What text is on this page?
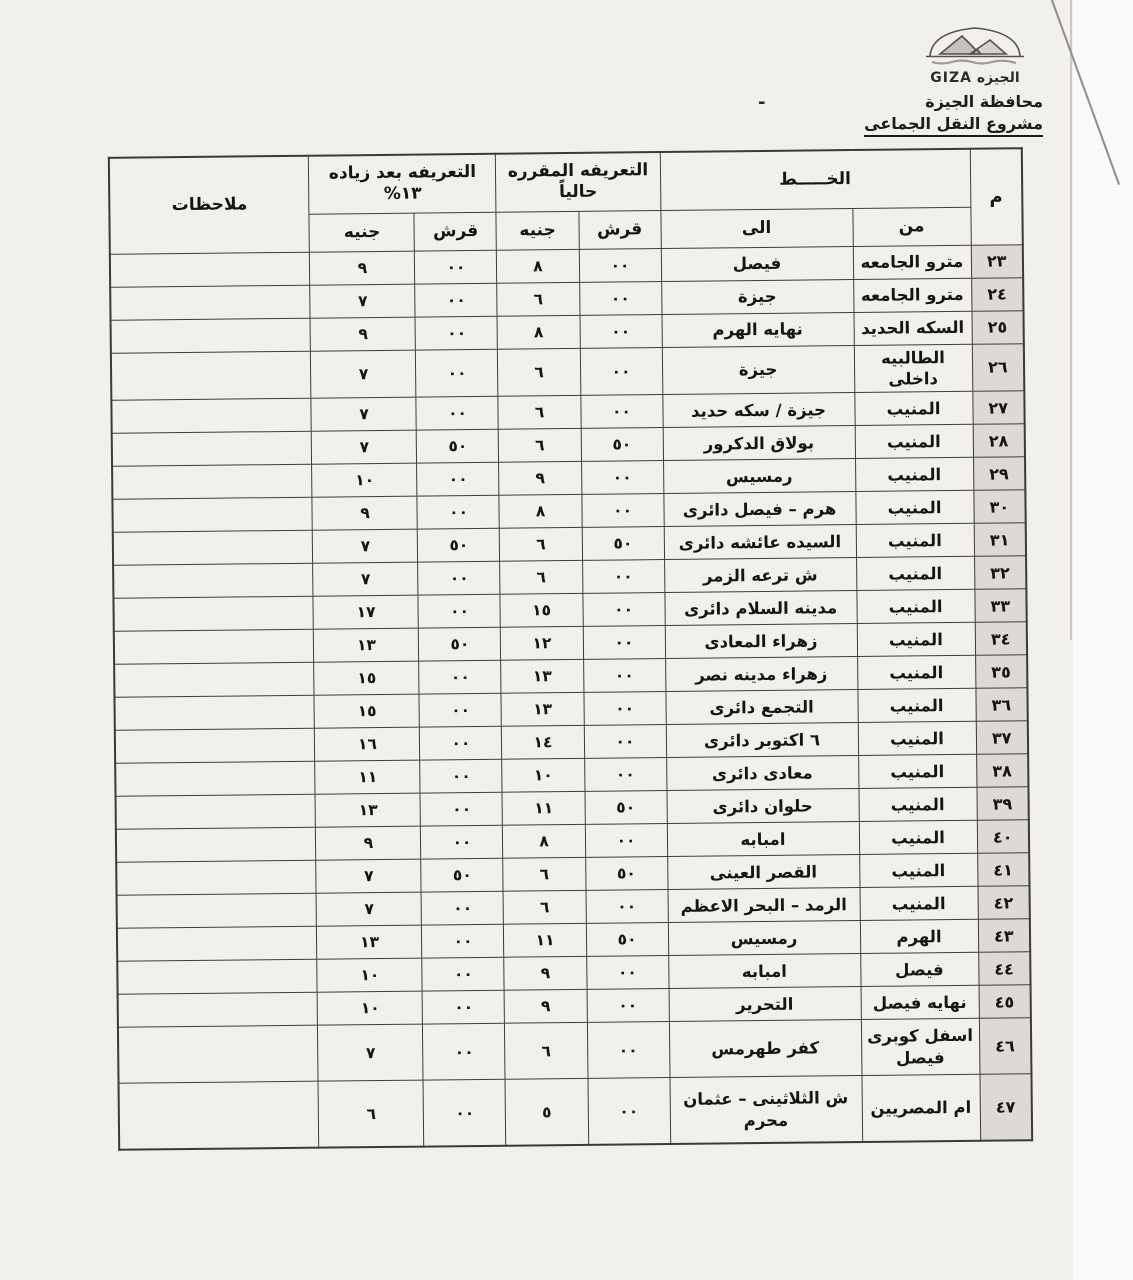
الجيزه GIZA
محافظة الجيزة
مشروع النقل الجماعى
-
م	الخـــــط		التعريفه المقرره
حالياً		التعريفه بعد زياده
١٣%		ملاحظات
	من	الى	قرش	جنيه	قرش	جنيه	
٢٣	مترو الجامعه	فيصل	٠٠	٨	٠٠	٩	
٢٤	مترو الجامعه	جيزة	٠٠	٦	٠٠	٧	
٢٥	السكه الحديد	نهايه الهرم	٠٠	٨	٠٠	٩	
٢٦	الطالبيه داخلى	جيزة	٠٠	٦	٠٠	٧	
٢٧	المنيب	جيزة / سكه حديد	٠٠	٦	٠٠	٧	
٢٨	المنيب	بولاق الدكرور	٥٠	٦	٥٠	٧	
٢٩	المنيب	رمسيس	٠٠	٩	٠٠	١٠	
٣٠	المنيب	هرم – فيصل دائرى	٠٠	٨	٠٠	٩	
٣١	المنيب	السيده عائشه دائرى	٥٠	٦	٥٠	٧	
٣٢	المنيب	ش ترعه الزمر	٠٠	٦	٠٠	٧	
٣٣	المنيب	مدينه السلام دائرى	٠٠	١٥	٠٠	١٧	
٣٤	المنيب	زهراء المعادى	٠٠	١٢	٥٠	١٣	
٣٥	المنيب	زهراء مدينه نصر	٠٠	١٣	٠٠	١٥	
٣٦	المنيب	التجمع دائرى	٠٠	١٣	٠٠	١٥	
٣٧	المنيب	٦ اكتوبر دائرى	٠٠	١٤	٠٠	١٦	
٣٨	المنيب	معادى دائرى	٠٠	١٠	٠٠	١١	
٣٩	المنيب	حلوان دائرى	٥٠	١١	٠٠	١٣	
٤٠	المنيب	امبابه	٠٠	٨	٠٠	٩	
٤١	المنيب	القصر العينى	٥٠	٦	٥٠	٧	
٤٢	المنيب	الرمد – البحر الاعظم	٠٠	٦	٠٠	٧	
٤٣	الهرم	رمسيس	٥٠	١١	٠٠	١٣	
٤٤	فيصل	امبابه	٠٠	٩	٠٠	١٠	
٤٥	نهايه فيصل	التحرير	٠٠	٩	٠٠	١٠	
٤٦	اسفل كوبرى فيصل	كفر طهرمس	٠٠	٦	٠٠	٧	
٤٧	ام المصريين	ش الثلاثينى – عثمان محرم	٠٠	٥	٠٠	٦	
